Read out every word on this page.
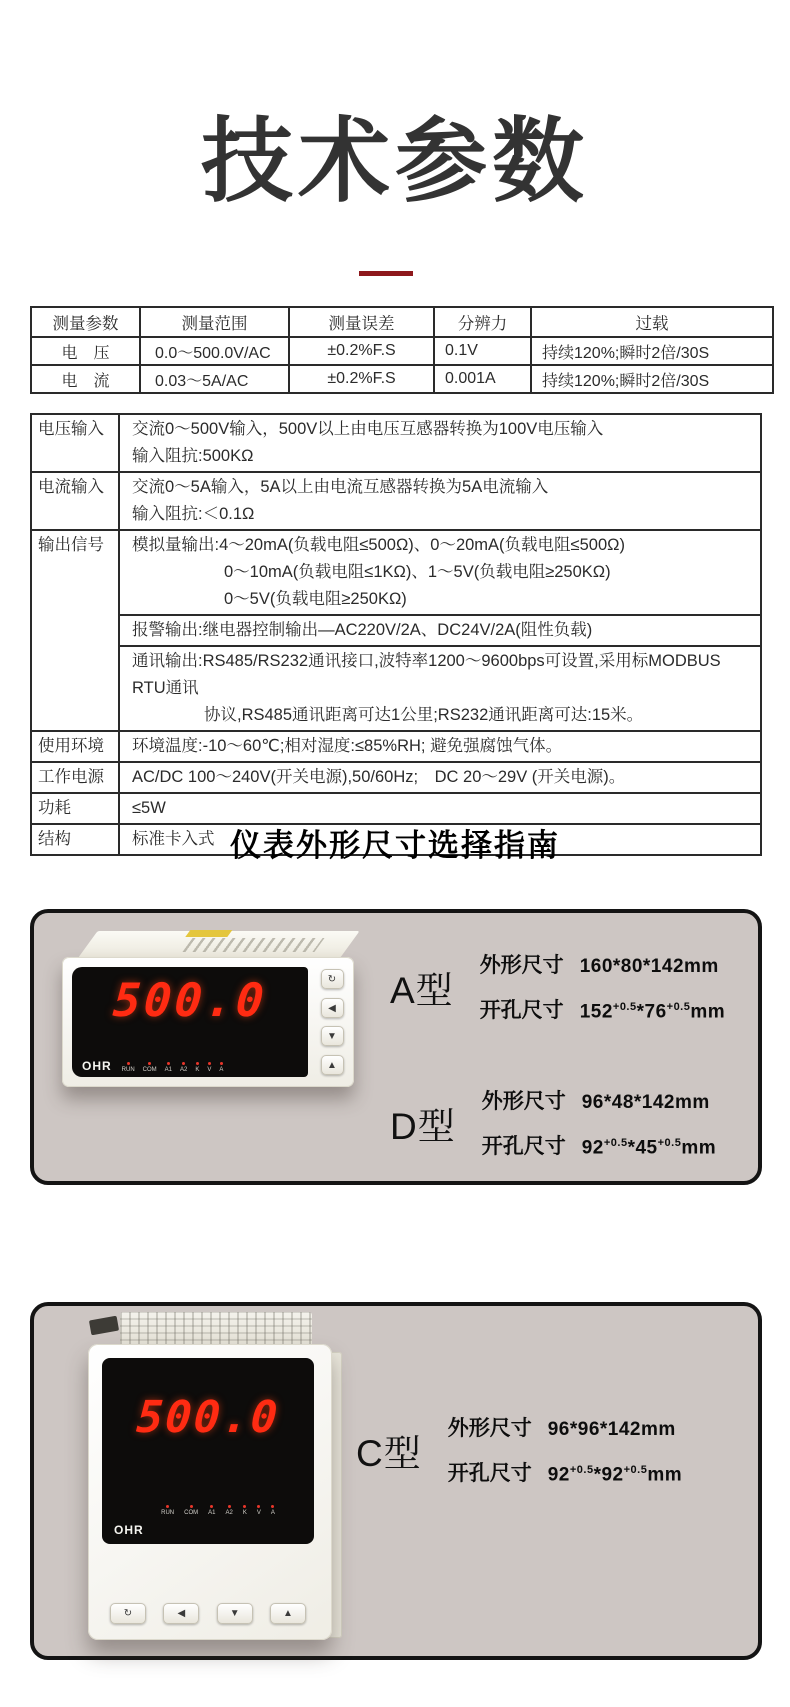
技术参数
测量参数	测量范围	测量误差	分辨力	过载
电　压	0.0～500.0V/AC	±0.2%F.S	0.1V	持续120%;瞬时2倍/30S
电　流	0.03～5A/AC	±0.2%F.S	0.001A	持续120%;瞬时2倍/30S
电压输入	交流0～500V输入，500V以上由电压互感器转换为100V电压输入
输入阻抗:500KΩ

电流输入	交流0～5A输入，5A以上由电流互感器转换为5A电流输入
输入阻抗:＜0.1Ω

输出信号	模拟量输出:4～20mA(负载电阻≤500Ω)、0～20mA(负载电阻≤500Ω)
0～10mA(负载电阻≤1KΩ)、1～5V(负载电阻≥250KΩ)
0～5V(负载电阻≥250KΩ)

	报警输出:继电器控制输出—AC220V/2A、DC24V/2A(阻性负载)

	通讯输出:RS485/RS232通讯接口,波特率1200～9600bps可设置,采用标MODBUS RTU通讯
协议,RS485通讯距离可达1公里;RS232通讯距离可达:15米。

使用环境	环境温度:-10～60℃;相对湿度:≤85%RH; 避免强腐蚀气体。

工作电源	AC/DC 100～240V(开关电源),50/60Hz;　DC 20～29V (开关电源)。

功耗	≤5W

结构	标准卡入式 仪表外形尺寸选择指南
500.0
OHR RUN COM A1 A2 K V A
↻
◀
▼
▲
A型
外形尺寸 160*80*142mm
开孔尺寸 $152^{+0.5}*76^{+0.5}mm$
D型
外形尺寸 96*48*142mm
开孔尺寸 $92^{+0.5}*45^{+0.5}mm$
500.0
RUN COM A1 A2 K V A
OHR
↻	◀	▼	▲
C型
外形尺寸 96*96*142mm
开孔尺寸 $92^{+0.5}*92^{+0.5}mm$
